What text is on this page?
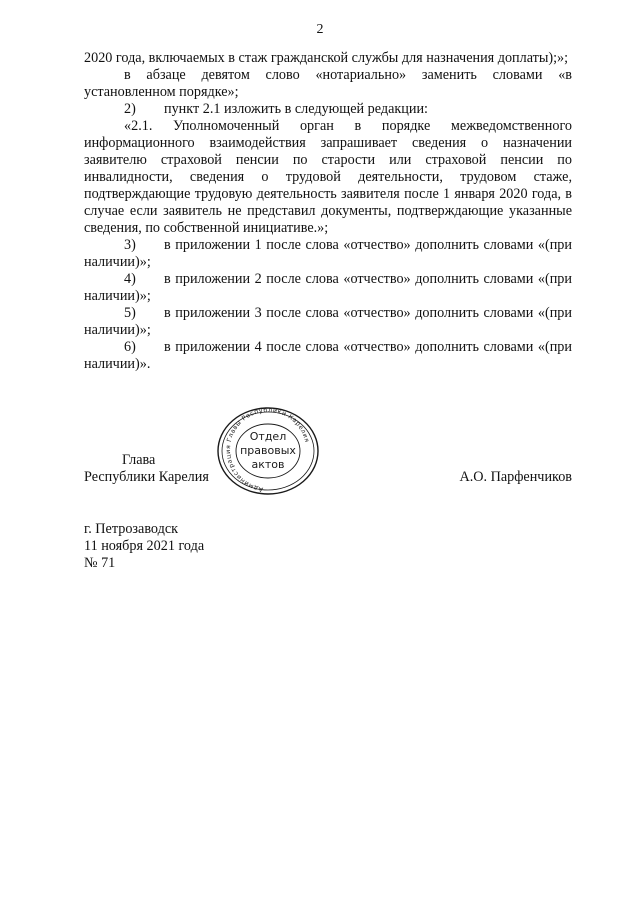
2

2020 года, включаемых в стаж гражданской службы для назначения доплаты);»;

в абзаце девятом слово «нотариально» заменить словами «в установленном порядке»;

2) пункт 2.1 изложить в следующей редакции:

«2.1. Уполномоченный орган в порядке межведомственного информационного взаимодействия запрашивает сведения о назначении заявителю страховой пенсии по старости или страховой пенсии по инвалидности, сведения о трудовой деятельности, трудовом стаже, подтверждающие трудовую деятельность заявителя после 1 января 2020 года, в случае если заявитель не представил документы, подтверждающие указанные сведения, по собственной инициативе.»;

3) в приложении 1 после слова «отчество» дополнить словами «(при наличии)»;

4) в приложении 2 после слова «отчество» дополнить словами «(при наличии)»;

5) в приложении 3 после слова «отчество» дополнить словами «(при наличии)»;

6) в приложении 4 после слова «отчество» дополнить словами «(при наличии)».

Глава
Республики Карелия
Администрация Главы Республики Карелия
Отдел
правовых
актов
А.О. Парфенчиков
г. Петрозаводск
11 ноября 2021 года
№ 71
